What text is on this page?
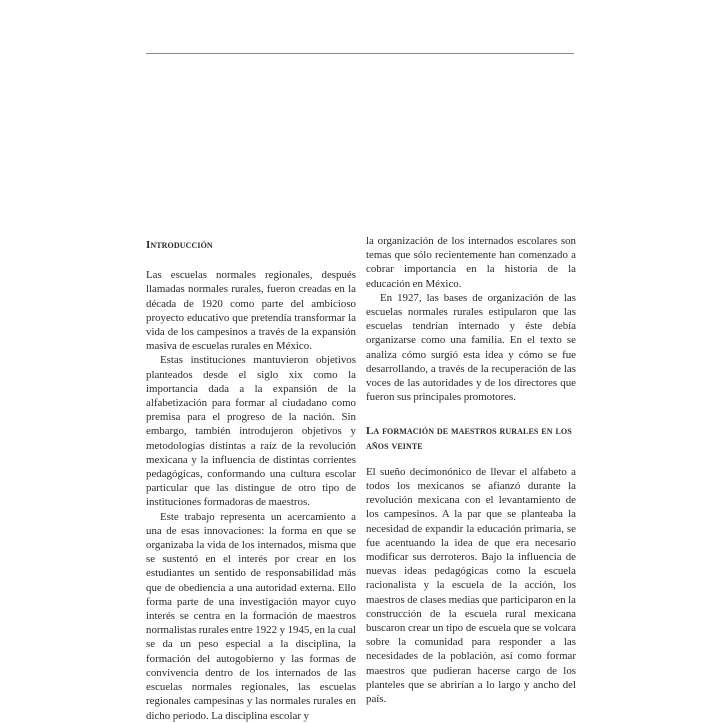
Introducción

Las escuelas normales regionales, después llamadas normales rurales, fueron creadas en la década de 1920 como parte del ambicioso proyecto educativo que pretendía transformar la vida de los campesinos a través de la expansión masiva de escuelas rurales en México.

Estas instituciones mantuvieron objetivos planteados desde el siglo xix como la importancia dada a la expansión de la alfabetización para formar al ciudadano como premisa para el progreso de la nación. Sin embargo, también introdujeron objetivos y metodologías distintas a raíz de la revolución mexicana y la influencia de distintas corrientes pedagógicas, conformando una cultura escolar particular que las distingue de otro tipo de instituciones formadoras de maestros.

Este trabajo representa un acercamiento a una de esas innovaciones: la forma en que se organizaba la vida de los internados, misma que se sustentó en el interés por crear en los estudiantes un sentido de responsabilidad más que de obediencia a una autoridad externa. Ello forma parte de una investigación mayor cuyo interés se centra en la formación de maestros normalistas rurales entre 1922 y 1945, en la cual se da un peso especial a la disciplina, la formación del autogobierno y las formas de convivencia dentro de los internados de las escuelas normales regionales, las escuelas regionales campesinas y las normales rurales en dicho periodo. La disciplina escolar y

la organización de los internados escolares son temas que sólo recientemente han comenzado a cobrar importancia en la historia de la educación en México.

En 1927, las bases de organización de las escuelas normales rurales estipularon que las escuelas tendrían internado y éste debía organizarse como una familia. En el texto se analiza cómo surgió esta idea y cómo se fue desarrollando, a través de la recuperación de las voces de las autoridades y de los directores que fueron sus principales promotores.

La formación de maestros rurales en los años veinte

El sueño decimonónico de llevar el alfabeto a todos los mexicanos se afianzó durante la revolución mexicana con el levantamiento de los campesinos. A la par que se planteaba la necesidad de expandir la educación primaria, se fue acentuando la idea de que era necesario modificar sus derroteros. Bajo la influencia de nuevas ideas pedagógicas como la escuela racionalista y la escuela de la acción, los maestros de clases medias que participaron en la construcción de la escuela rural mexicana buscaron crear un tipo de escuela que se volcara sobre la comunidad para responder a las necesidades de la población, así como formar maestros que pudieran hacerse cargo de los planteles que se abrirían a lo largo y ancho del país.
